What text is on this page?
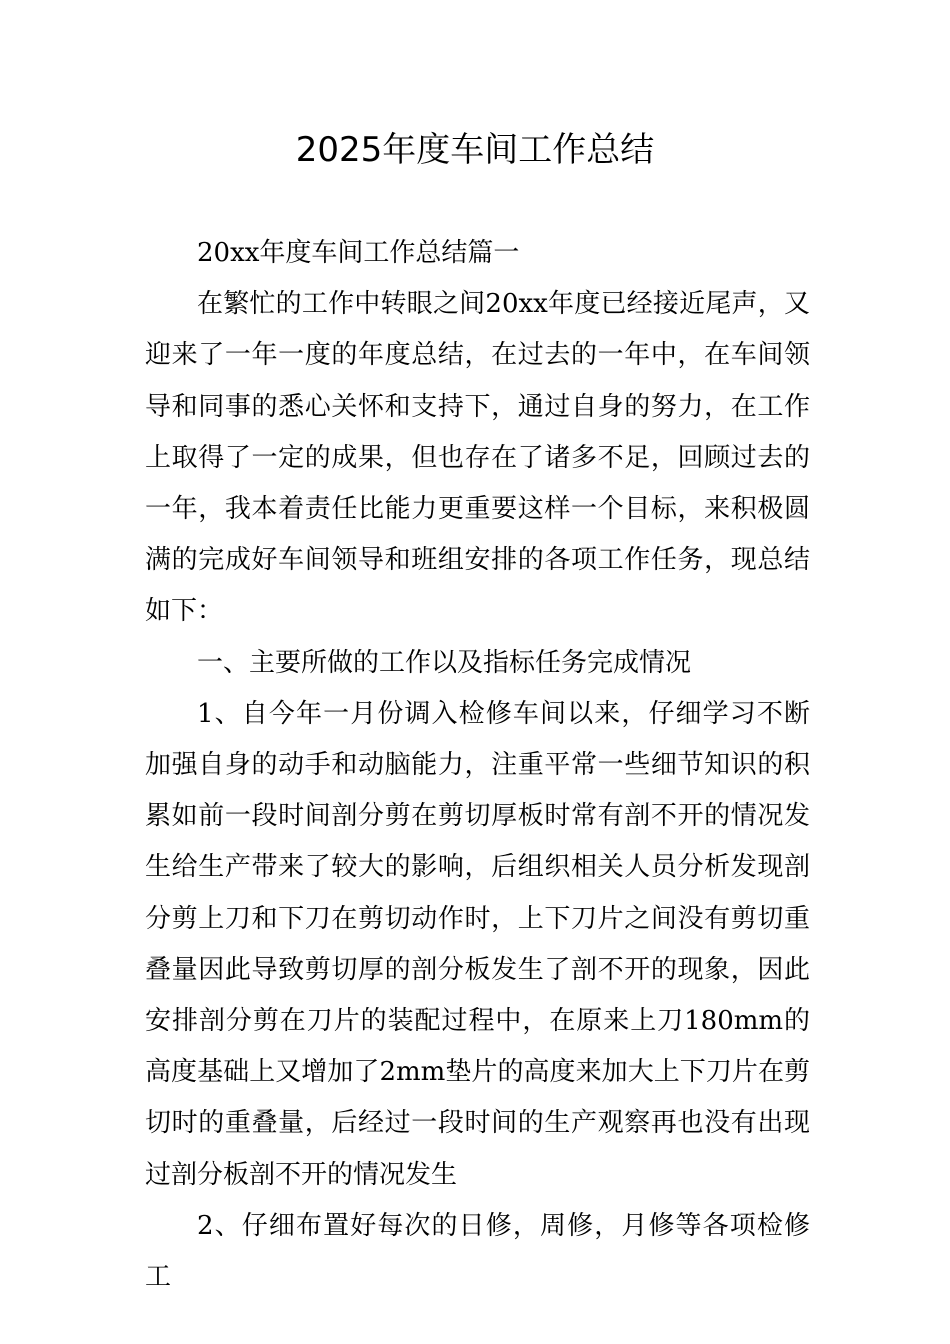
2025年度车间工作总结

20xx年度车间工作总结篇一

在繁忙的工作中转眼之间20xx年度已经接近尾声，又迎来了一年一度的年度总结，在过去的一年中，在车间领导和同事的悉心关怀和支持下，通过自身的努力，在工作上取得了一定的成果，但也存在了诸多不足，回顾过去的一年，我本着责任比能力更重要这样一个目标，来积极圆满的完成好车间领导和班组安排的各项工作任务，现总结如下：

一、主要所做的工作以及指标任务完成情况

1、自今年一月份调入检修车间以来，仔细学习不断加强自身的动手和动脑能力，注重平常一些细节知识的积累如前一段时间剖分剪在剪切厚板时常有剖不开的情况发生给生产带来了较大的影响，后组织相关人员分析发现剖分剪上刀和下刀在剪切动作时，上下刀片之间没有剪切重叠量因此导致剪切厚的剖分板发生了剖不开的现象，因此安排剖分剪在刀片的装配过程中，在原来上刀180mm的高度基础上又增加了2mm垫片的高度来加大上下刀片在剪切时的重叠量，后经过一段时间的生产观察再也没有出现过剖分板剖不开的情况发生

2、仔细布置好每次的日修，周修，月修等各项检修工
